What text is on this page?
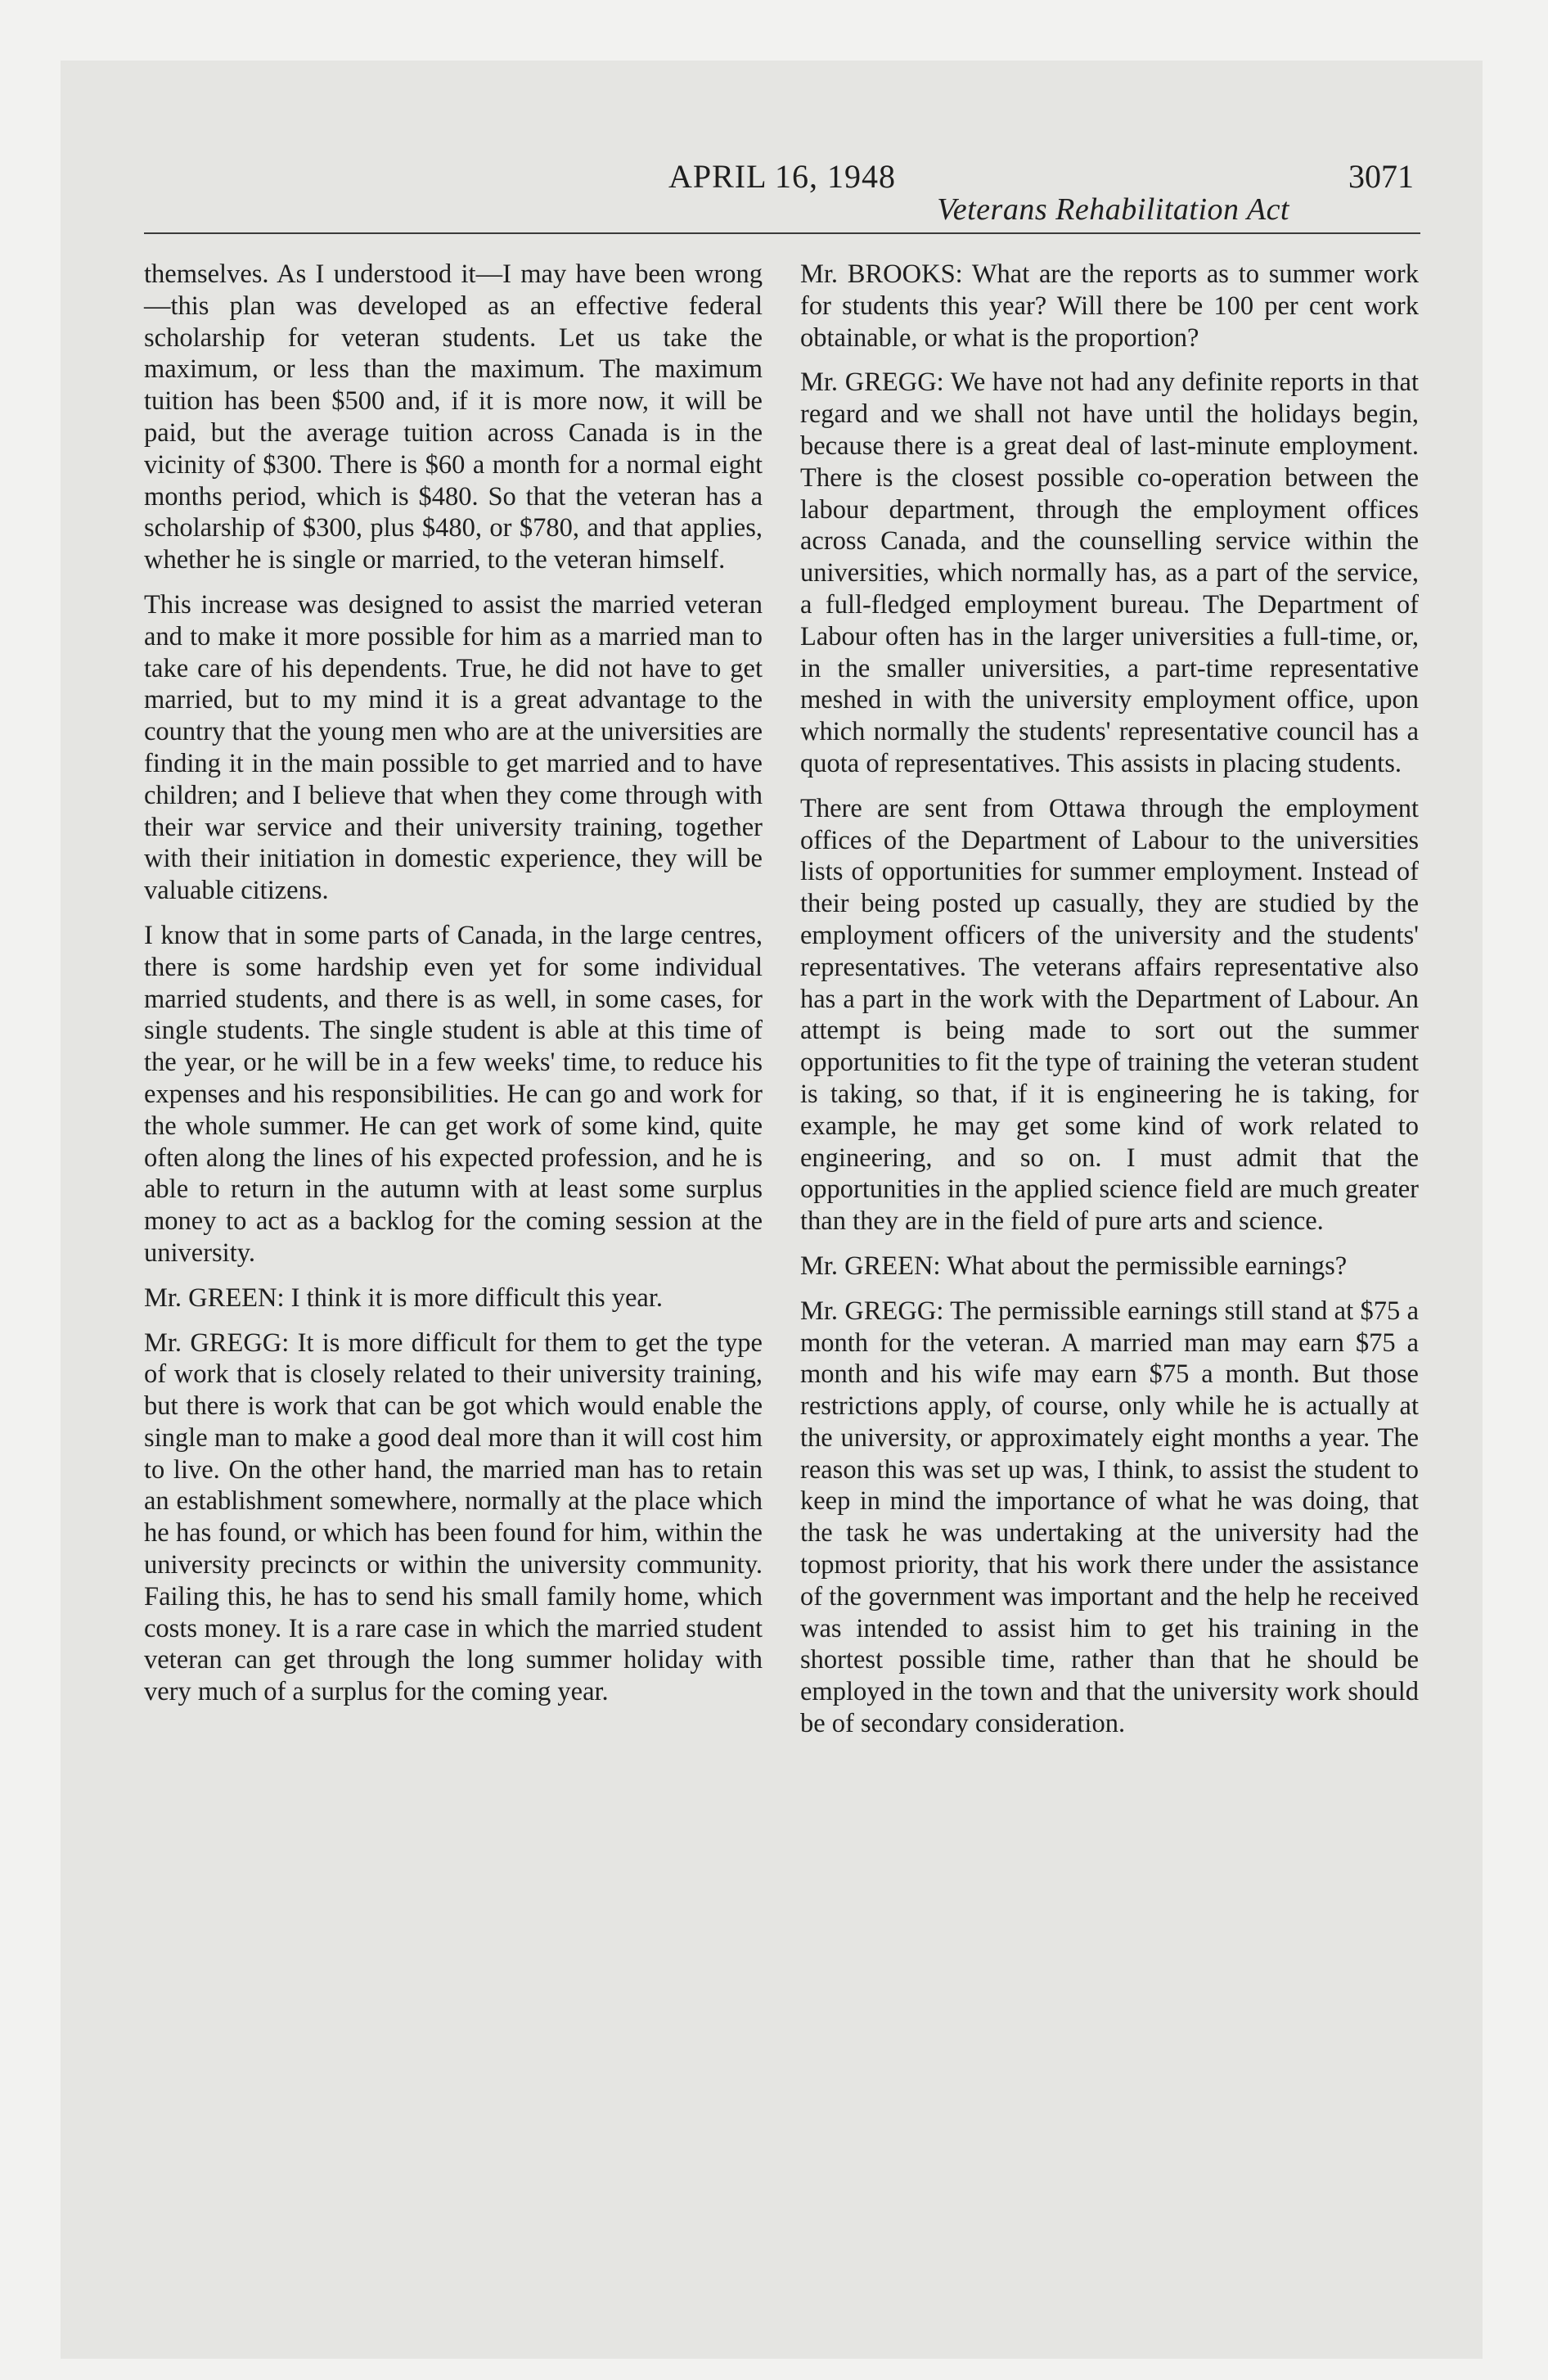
APRIL 16, 1948	3071
Veterans Rehabilitation Act

themselves. As I understood it—I may have been wrong—this plan was developed as an effective federal scholarship for veteran students. Let us take the maximum, or less than the maximum. The maximum tuition has been $500 and, if it is more now, it will be paid, but the average tuition across Canada is in the vicinity of $300. There is $60 a month for a normal eight months period, which is $480. So that the veteran has a scholarship of $300, plus $480, or $780, and that applies, whether he is single or married, to the veteran himself.

This increase was designed to assist the married veteran and to make it more possible for him as a married man to take care of his dependents. True, he did not have to get married, but to my mind it is a great advantage to the country that the young men who are at the universities are finding it in the main possible to get married and to have children; and I believe that when they come through with their war service and their university training, together with their initiation in domestic experience, they will be valuable citizens.

I know that in some parts of Canada, in the large centres, there is some hardship even yet for some individual married students, and there is as well, in some cases, for single students. The single student is able at this time of the year, or he will be in a few weeks' time, to reduce his expenses and his responsibilities. He can go and work for the whole summer. He can get work of some kind, quite often along the lines of his expected profession, and he is able to return in the autumn with at least some surplus money to act as a backlog for the coming session at the university.

Mr. GREEN: I think it is more difficult this year.

Mr. GREGG: It is more difficult for them to get the type of work that is closely related to their university training, but there is work that can be got which would enable the single man to make a good deal more than it will cost him to live. On the other hand, the married man has to retain an establishment somewhere, normally at the place which he has found, or which has been found for him, within the university precincts or within the university community. Failing this, he has to send his small family home, which costs money. It is a rare case in which the married student veteran can get through the long summer holiday with very much of a surplus for the coming year.

Mr. BROOKS: What are the reports as to summer work for students this year? Will there be 100 per cent work obtainable, or what is the proportion?

Mr. GREGG: We have not had any definite reports in that regard and we shall not have until the holidays begin, because there is a great deal of last-minute employment. There is the closest possible co-operation between the labour department, through the employment offices across Canada, and the counselling service within the universities, which normally has, as a part of the service, a full-fledged employment bureau. The Department of Labour often has in the larger universities a full-time, or, in the smaller universities, a part-time representative meshed in with the university employment office, upon which normally the students' representative council has a quota of representatives. This assists in placing students.

There are sent from Ottawa through the employment offices of the Department of Labour to the universities lists of opportunities for summer employment. Instead of their being posted up casually, they are studied by the employment officers of the university and the students' representatives. The veterans affairs representative also has a part in the work with the Department of Labour. An attempt is being made to sort out the summer opportunities to fit the type of training the veteran student is taking, so that, if it is engineering he is taking, for example, he may get some kind of work related to engineering, and so on. I must admit that the opportunities in the applied science field are much greater than they are in the field of pure arts and science.

Mr. GREEN: What about the permissible earnings?

Mr. GREGG: The permissible earnings still stand at $75 a month for the veteran. A married man may earn $75 a month and his wife may earn $75 a month. But those restrictions apply, of course, only while he is actually at the university, or approximately eight months a year. The reason this was set up was, I think, to assist the student to keep in mind the importance of what he was doing, that the task he was undertaking at the university had the topmost priority, that his work there under the assistance of the government was important and the help he received was intended to assist him to get his training in the shortest possible time, rather than that he should be employed in the town and that the university work should be of secondary consideration.
